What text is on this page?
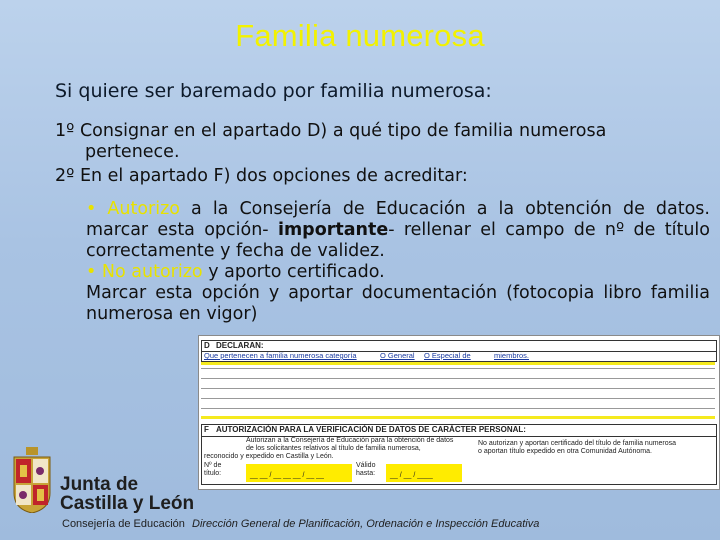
Familia numerosa
Si quiere ser baremado por familia numerosa:
1º Consignar en el apartado D) a qué tipo de familia numerosa
pertenece.
2º En el apartado F) dos opciones de acreditar:

• Autorizo a la Consejería de Educación a la obtención de datos. marcar esta opción- importante- rellenar el campo de nº de título correctamente y fecha de validez.

• No autorizo y aporto certificado.

Marcar esta opción y aportar documentación (fotocopia libro familia numerosa en vigor)

D DECLARAN:
Que pertenecen a familia numerosa categoría	O General O Especial de	miembros.
F AUTORIZACIÓN PARA LA VERIFICACIÓN DE DATOS DE CARÁCTER PERSONAL:
Autorizan a la Consejería de Educación para la obtención de datos
de los solicitantes relativos al título de familia numerosa,
reconocido y expedido en Castilla y León.
No autorizan y aportan certificado del título de familia numerosa
o aportan título expedido en otra Comunidad Autónoma.
Nº de
título:	__ __ / __ __ __ / __ __
Válido
hasta: __ / __ / ____
Junta de
Castilla y León
Consejería de Educación Dirección General de Planificación, Ordenación e Inspección Educativa
